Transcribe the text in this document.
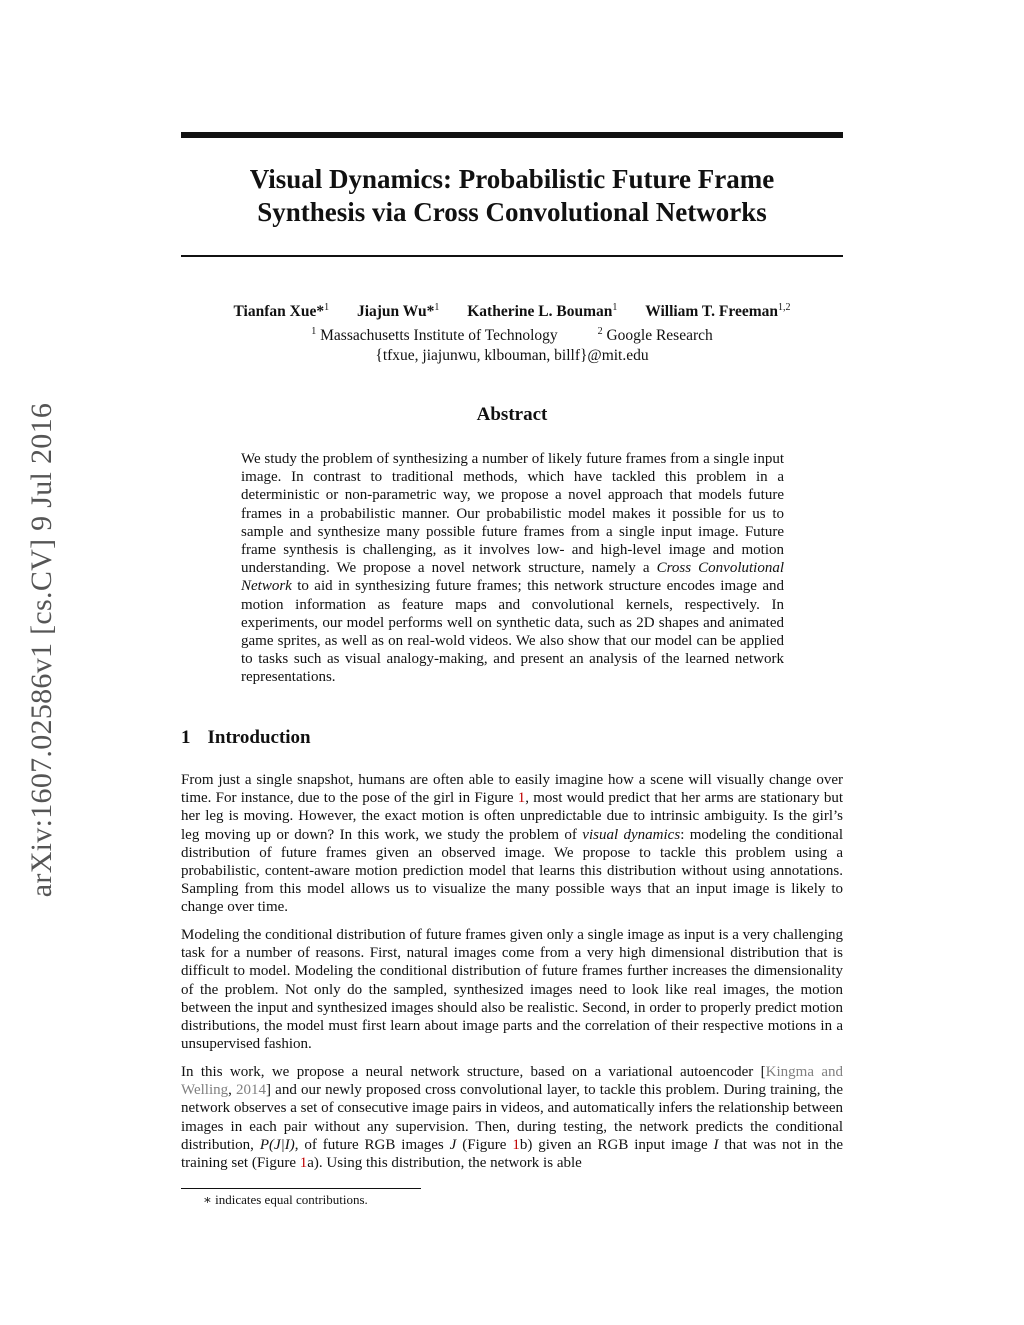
arXiv:1607.02586v1 [cs.CV] 9 Jul 2016
Visual Dynamics: Probabilistic Future Frame
Synthesis via Cross Convolutional Networks
Tianfan Xue*$^1$ Jiajun Wu*$^1$ Katherine L. Bouman$^1$ William T. Freeman$^{1,2}$
$^1$ Massachusetts Institute of Technology	$^2$ Google Research
{tfxue, jiajunwu, klbouman, billf}@mit.edu
Abstract

We study the problem of synthesizing a number of likely future frames from a single input image. In contrast to traditional methods, which have tackled this problem in a deterministic or non-parametric way, we propose a novel approach that models future frames in a probabilistic manner. Our probabilistic model makes it possible for us to sample and synthesize many possible future frames from a single input image. Future frame synthesis is challenging, as it involves low- and high-level image and motion understanding. We propose a novel network structure, namely a Cross Convolutional Network to aid in synthesizing future frames; this network structure encodes image and motion information as feature maps and convolutional kernels, respectively. In experiments, our model performs well on synthetic data, such as 2D shapes and animated game sprites, as well as on real-wold videos. We also show that our model can be applied to tasks such as visual analogy-making, and present an analysis of the learned network representations.

1 Introduction

From just a single snapshot, humans are often able to easily imagine how a scene will visually change over time. For instance, due to the pose of the girl in Figure 1, most would predict that her arms are stationary but her leg is moving. However, the exact motion is often unpredictable due to intrinsic ambiguity. Is the girl’s leg moving up or down? In this work, we study the problem of visual dynamics: modeling the conditional distribution of future frames given an observed image. We propose to tackle this problem using a probabilistic, content-aware motion prediction model that learns this distribution without using annotations. Sampling from this model allows us to visualize the many possible ways that an input image is likely to change over time.

Modeling the conditional distribution of future frames given only a single image as input is a very challenging task for a number of reasons. First, natural images come from a very high dimensional distribution that is difficult to model. Modeling the conditional distribution of future frames further increases the dimensionality of the problem. Not only do the sampled, synthesized images need to look like real images, the motion between the input and synthesized images should also be realistic. Second, in order to properly predict motion distributions, the model must first learn about image parts and the correlation of their respective motions in a unsupervised fashion.

In this work, we propose a neural network structure, based on a variational autoencoder [Kingma and Welling, 2014] and our newly proposed cross convolutional layer, to tackle this problem. During training, the network observes a set of consecutive image pairs in videos, and automatically infers the relationship between images in each pair without any supervision. Then, during testing, the network predicts the conditional distribution, P(J|I), of future RGB images J (Figure 1b) given an RGB input image I that was not in the training set (Figure 1a). Using this distribution, the network is able

∗ indicates equal contributions.
